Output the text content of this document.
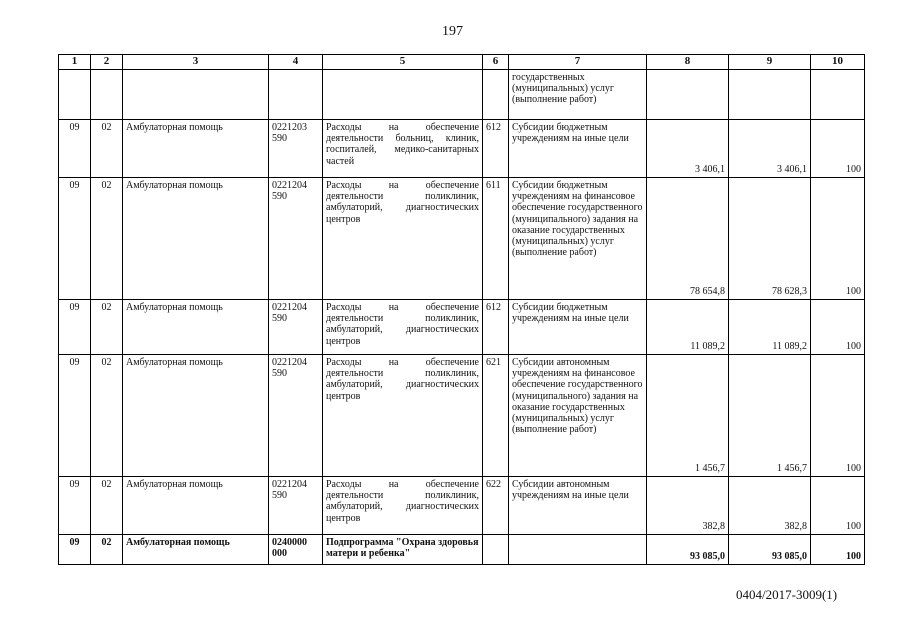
197
1	2	3	4	5	6	7	8	9	10
						государственных (муниципальных) услуг (выполнение работ)			
09	02	Амбулаторная помощь	0221203 590	Расходы на обеспечение деятельности больниц, клиник, госпиталей, медико-санитарных частей	612	Субсидии бюджетным учреждениям на иные цели	3 406,1	3 406,1	100
09	02	Амбулаторная помощь	0221204 590	Расходы на обеспечение деятельности поликлиник, амбулаторий, диагностических центров	611	Субсидии бюджетным учреждениям на финансовое обеспечение государственного (муниципального) задания на оказание государственных (муниципальных) услуг (выполнение работ)	78 654,8	78 628,3	100
09	02	Амбулаторная помощь	0221204 590	Расходы на обеспечение деятельности поликлиник, амбулаторий, диагностических центров	612	Субсидии бюджетным учреждениям на иные цели	11 089,2	11 089,2	100
09	02	Амбулаторная помощь	0221204 590	Расходы на обеспечение деятельности поликлиник, амбулаторий, диагностических центров	621	Субсидии автономным учреждениям на финансовое обеспечение государственного (муниципального) задания на оказание государственных (муниципальных) услуг (выполнение работ)	1 456,7	1 456,7	100
09	02	Амбулаторная помощь	0221204 590	Расходы на обеспечение деятельности поликлиник, амбулаторий, диагностических центров	622	Субсидии автономным учреждениям на иные цели	382,8	382,8	100
09	02	Амбулаторная помощь	0240000 000	Подпрограмма "Охрана здоровья матери и ребенка"			93 085,0	93 085,0	100
0404/2017-3009(1)
